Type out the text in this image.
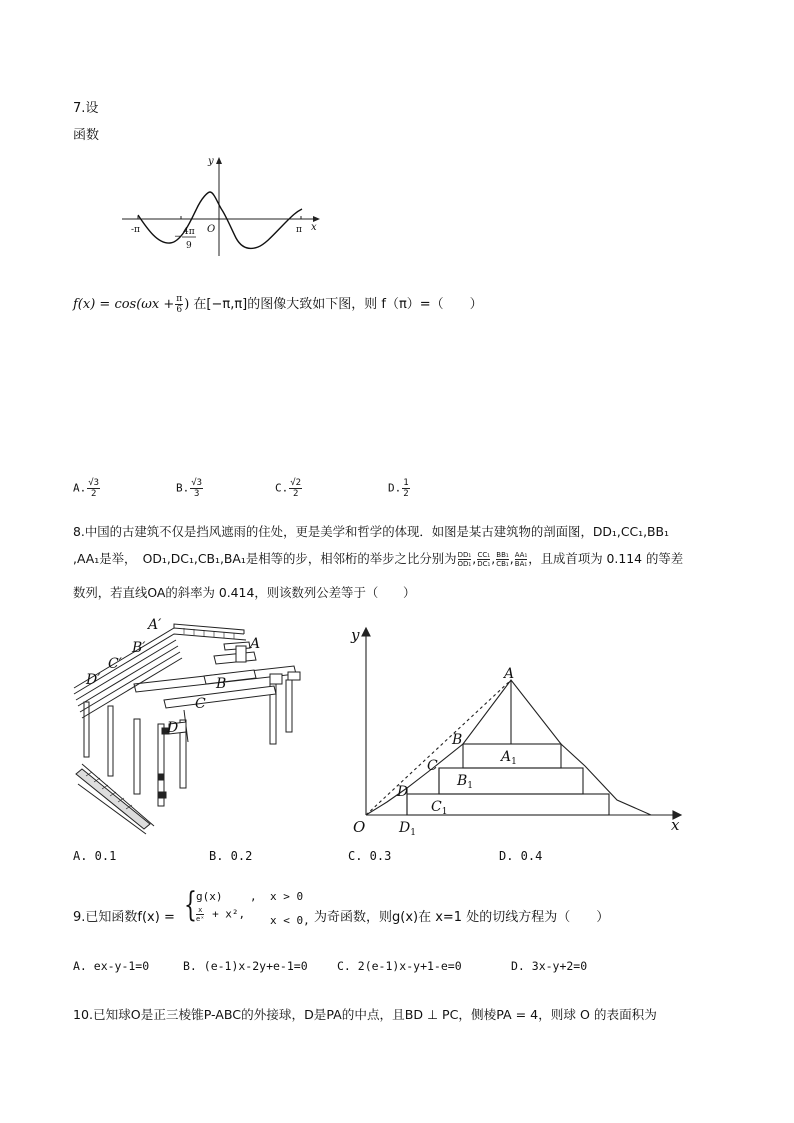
7.设
函数
y
x
O
-π	π
− 4π
9
$f(x) = \cos(\omega x + \frac{\pi}{6}$ ) 在[−π,π]的图像大致如下图，则 f（π）=（　　）
A. $\frac{√3}{2}$	B. $\frac{√3}{3}$	C. $\frac{√2}{2}$	D. $\frac{1}{2}$
8.中国的古建筑不仅是挡风遮雨的住处，更是美学和哲学的体现．如图是某古建筑物的剖面图，DD₁,CC₁,BB₁
,AA₁是举，　OD₁,DC₁,CB₁,BA₁是相等的步，相邻桁的举步之比分别为 $\frac{\text{DD₁}}{\text{OD₁}}$ , $\frac{\text{CC₁}}{\text{DC₁}}$ , $\frac{\text{BB₁}}{\text{CB₁}}$ , $\frac{\text{AA₁}}{\text{BA₁}}$ ，且成首项为 0.114 的等差
数列，若直线OA的斜率为 0.414，则该数列公差等于（　　）
A′
A
B′
B
C′
C
D′
D
y
x
O
A
B
C
D
$A_1$
$B_1$
$C_1$
$D_1$
A. 0.1	B. 0.2	C. 0.3	D. 0.4
9.已知函数f(x) = { g(x)	, x > 0
$\frac{x}{\text{eˣ}} + x^2$, x < 0, 为奇函数，则g(x)在 x=1 处的切线方程为（　　）
A. ex-y-1=0	B. (e-1)x-2y+e-1=0	C. 2(e-1)x-y+1-e=0	D. 3x-y+2=0
10.已知球O是正三棱锥P-ABC的外接球，D是PA的中点，且BD ⊥ PC，侧棱PA = 4，则球 O 的表面积为
